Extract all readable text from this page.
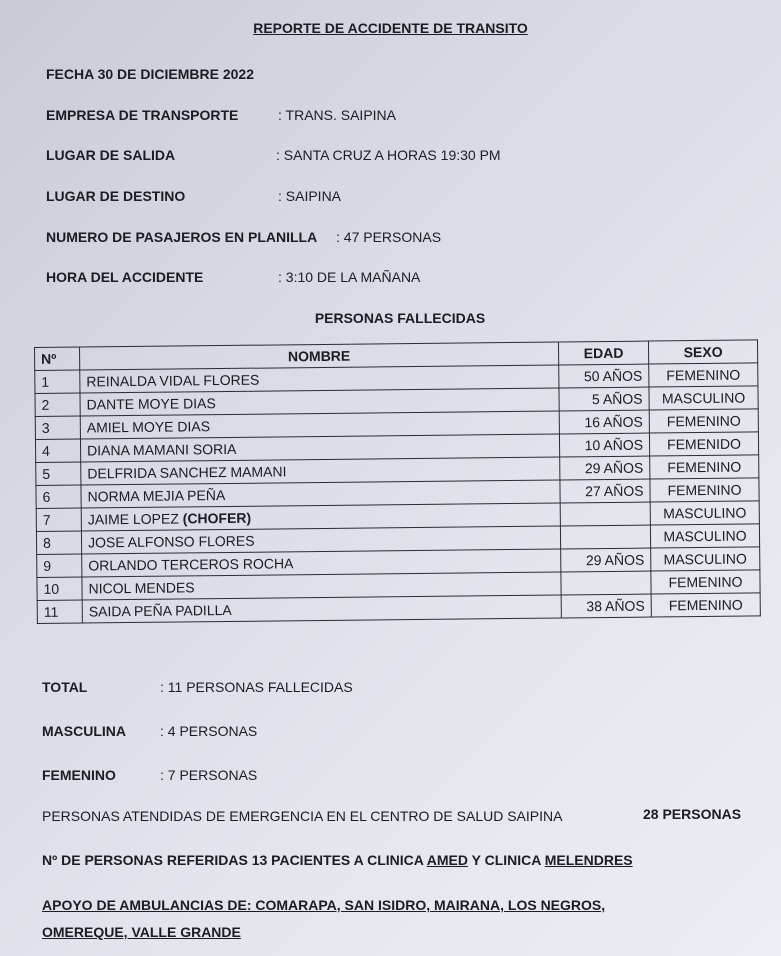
REPORTE DE ACCIDENTE DE TRANSITO
FECHA 30 DE DICIEMBRE 2022
EMPRESA DE TRANSPORTE	: TRANS. SAIPINA
LUGAR DE SALIDA	: SANTA CRUZ A HORAS 19:30 PM
LUGAR DE DESTINO	: SAIPINA
NUMERO DE PASAJEROS EN PLANILLA : 47 PERSONAS
HORA DEL ACCIDENTE	: 3:10 DE LA MAÑANA
PERSONAS FALLECIDAS
Nº	NOMBRE	EDAD	SEXO
1	REINALDA VIDAL FLORES	50 AÑOS	FEMENINO
2	DANTE MOYE DIAS	5 AÑOS	MASCULINO
3	AMIEL MOYE DIAS	16 AÑOS	FEMENINO
4	DIANA MAMANI SORIA	10 AÑOS	FEMENIDO
5	DELFRIDA SANCHEZ MAMANI	29 AÑOS	FEMENINO
6	NORMA MEJIA PEÑA	27 AÑOS	FEMENINO
7	JAIME LOPEZ (CHOFER)		MASCULINO
8	JOSE ALFONSO FLORES		MASCULINO
9	ORLANDO TERCEROS ROCHA	29 AÑOS	MASCULINO
10	NICOL MENDES		FEMENINO
11	SAIDA PEÑA PADILLA	38 AÑOS	FEMENINO
TOTAL	: 11 PERSONAS FALLECIDAS
MASCULINA : 4 PERSONAS
FEMENINO	: 7 PERSONAS
PERSONAS ATENDIDAS DE EMERGENCIA EN EL CENTRO DE SALUD SAIPINA	28 PERSONAS
Nº DE PERSONAS REFERIDAS 13 PACIENTES A CLINICA AMED Y CLINICA MELENDRES
APOYO DE AMBULANCIAS DE: COMARAPA, SAN ISIDRO, MAIRANA, LOS NEGROS,
OMEREQUE, VALLE GRANDE
